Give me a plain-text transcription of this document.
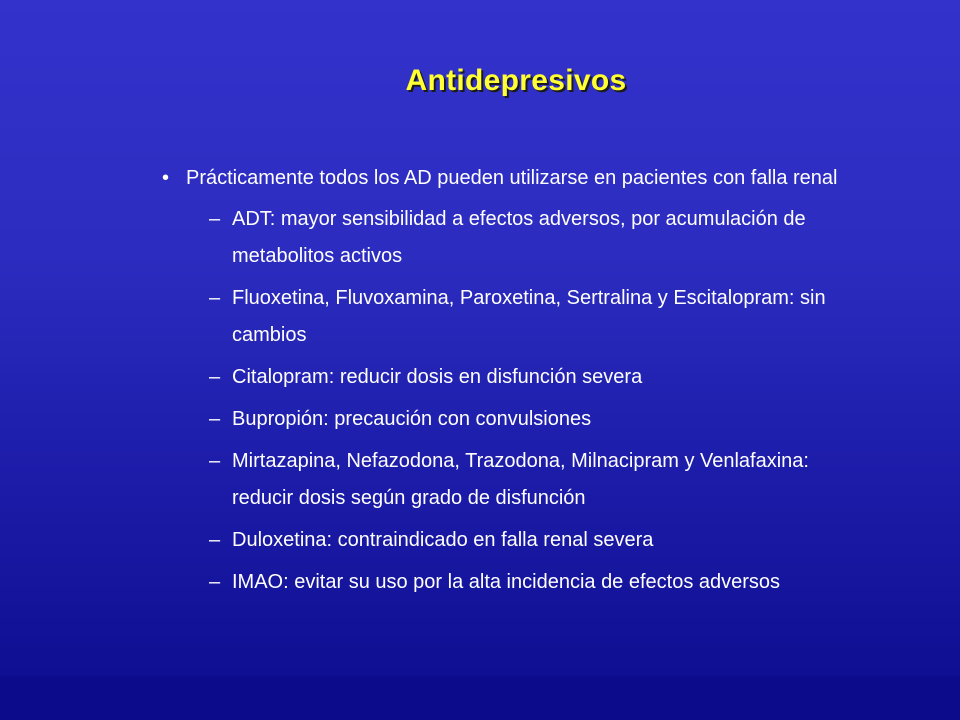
Antidepresivos
• Prácticamente todos los AD pueden utilizarse en pacientes con falla renal
– ADT: mayor sensibilidad a efectos adversos, por acumulación de metabolitos activos
– Fluoxetina, Fluvoxamina, Paroxetina, Sertralina y Escitalopram: sin cambios
– Citalopram: reducir dosis en disfunción severa
– Bupropión: precaución con convulsiones
– Mirtazapina, Nefazodona, Trazodona, Milnacipram y Venlafaxina: reducir dosis según grado de disfunción
– Duloxetina: contraindicado en falla renal severa
– IMAO: evitar su uso por la alta incidencia de efectos adversos
